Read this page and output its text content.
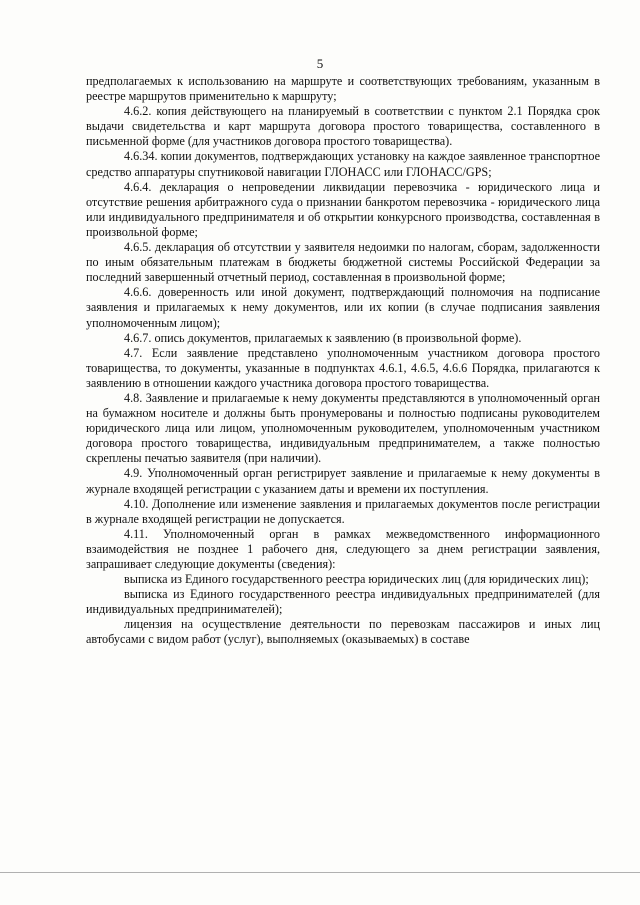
5

предполагаемых к использованию на маршруте и соответствующих требованиям, указанным в реестре маршрутов применительно к маршруту;

4.6.2. копия действующего на планируемый в соответствии с пунктом 2.1 Порядка срок выдачи свидетельства и карт маршрута договора простого товарищества, составленного в письменной форме (для участников договора простого товарищества).

4.6.34. копии документов, подтверждающих установку на каждое заявленное транспортное средство аппаратуры спутниковой навигации ГЛОНАСС или ГЛОНАСС/GPS;

4.6.4. декларация о непроведении ликвидации перевозчика - юридического лица и отсутствие решения арбитражного суда о признании банкротом перевозчика - юридического лица или индивидуального предпринимателя и об открытии конкурсного производства, составленная в произвольной форме;

4.6.5. декларация об отсутствии у заявителя недоимки по налогам, сборам, задолженности по иным обязательным платежам в бюджеты бюджетной системы Российской Федерации за последний завершенный отчетный период, составленная в произвольной форме;

4.6.6. доверенность или иной документ, подтверждающий полномочия на подписание заявления и прилагаемых к нему документов, или их копии (в случае подписания заявления уполномоченным лицом);

4.6.7. опись документов, прилагаемых к заявлению (в произвольной форме).

4.7. Если заявление представлено уполномоченным участником договора простого товарищества, то документы, указанные в подпунктах 4.6.1, 4.6.5, 4.6.6 Порядка, прилагаются к заявлению в отношении каждого участника договора простого товарищества.

4.8. Заявление и прилагаемые к нему документы представляются в уполномоченный орган на бумажном носителе и должны быть пронумерованы и полностью подписаны руководителем юридического лица или лицом, уполномоченным руководителем, уполномоченным участником договора простого товарищества, индивидуальным предпринимателем, а также полностью скреплены печатью заявителя (при наличии).

4.9. Уполномоченный орган регистрирует заявление и прилагаемые к нему документы в журнале входящей регистрации с указанием даты и времени их поступления.

4.10. Дополнение или изменение заявления и прилагаемых документов после регистрации в журнале входящей регистрации не допускается.

4.11. Уполномоченный орган в рамках межведомственного информационного взаимодействия не позднее 1 рабочего дня, следующего за днем регистрации заявления, запрашивает следующие документы (сведения):

выписка из Единого государственного реестра юридических лиц (для юридических лиц);

выписка из Единого государственного реестра индивидуальных предпринимателей (для индивидуальных предпринимателей);

лицензия на осуществление деятельности по перевозкам пассажиров и иных лиц автобусами с видом работ (услуг), выполняемых (оказываемых) в составе
